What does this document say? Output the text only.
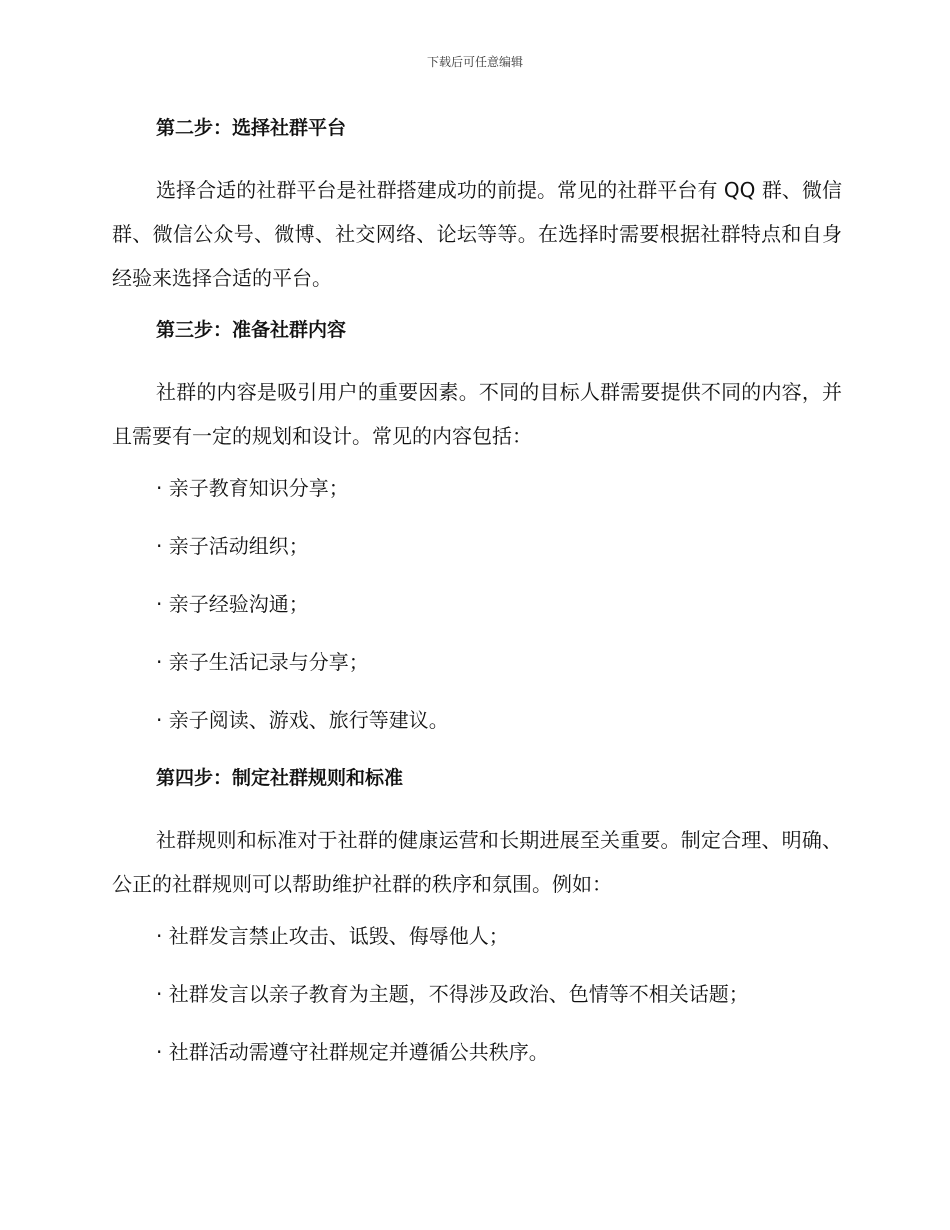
下载后可任意编辑
第二步：选择社群平台
选择合适的社群平台是社群搭建成功的前提。常见的社群平台有 QQ 群、微信群、微信公众号、微博、社交网络、论坛等等。在选择时需要根据社群特点和自身经验来选择合适的平台。
第三步：准备社群内容
社群的内容是吸引用户的重要因素。不同的目标人群需要提供不同的内容，并且需要有一定的规划和设计。常见的内容包括：
· 亲子教育知识分享；
· 亲子活动组织；
· 亲子经验沟通；
· 亲子生活记录与分享；
· 亲子阅读、游戏、旅行等建议。
第四步：制定社群规则和标准
社群规则和标准对于社群的健康运营和长期进展至关重要。制定合理、明确、公正的社群规则可以帮助维护社群的秩序和氛围。例如：
· 社群发言禁止攻击、诋毁、侮辱他人；
· 社群发言以亲子教育为主题，不得涉及政治、色情等不相关话题；
· 社群活动需遵守社群规定并遵循公共秩序。
